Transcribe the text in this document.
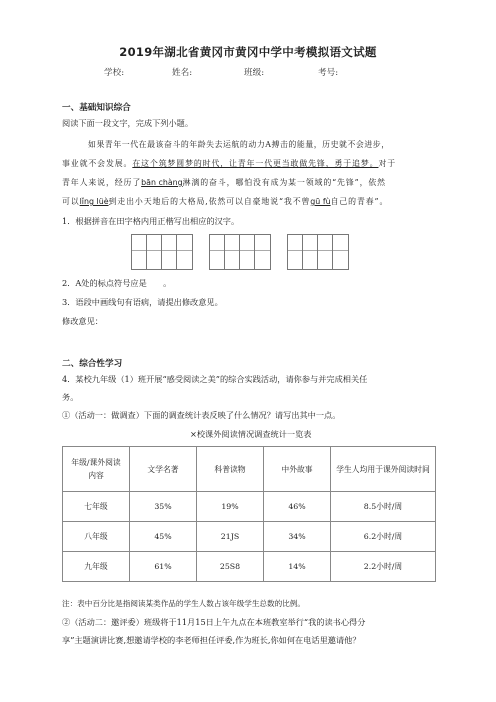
2019年湖北省黄冈市黄冈中学中考模拟语文试题
学校:	姓名:	班级:	考号:
一、基础知识综合
阅读下面一段文字，完成下列小题。
如果青年一代在最该奋斗的年龄失去运航的动力A搏击的能量，历史就不会进步，
事业就不会发展。在这个筑梦圆梦的时代，让青年一代更当敢做先锋，勇于追梦。对于
青年人来说，经历了bān chàng淋漓的奋斗，哪怕没有成为某一领域的“先锋”，依然
可以lǐng lüè到走出小天地后的大格局,依然可以自豪地说“我不曾gū fù自己的青春”。
1．根据拼音在田字格内用正楷写出相应的汉字。
2．A处的标点符号应是　　。
3．语段中画线句有语病，请提出修改意见。
修改意见：
二、综合性学习
4．某校九年级（1）班开展“感受阅读之美”的综合实践活动，请你参与并完成相关任
务。
①（活动一：做调查）下面的调查统计表反映了什么情况？请写出其中一点。
×校课外阅读情况调查统计一览表
年级/课外阅读内容	文学名著	科普读物	中外故事	学生人均用于课外阅读时间

七年级	35%	19%	46%	8.5小时/周
八年级	45%	21JS	34%	6.2小时/周
九年级	61%	25S8	14%	2.2小时/周
注：表中百分比是指阅读某类作品的学生人数占该年级学生总数的比例。
②（活动二：邀评委）班级将于11月15日上午九点在本班教室举行“我的读书心得分
享”主题演讲比赛,想邀请学校的李老师担任评委,作为班长,你如何在电话里邀请他？
